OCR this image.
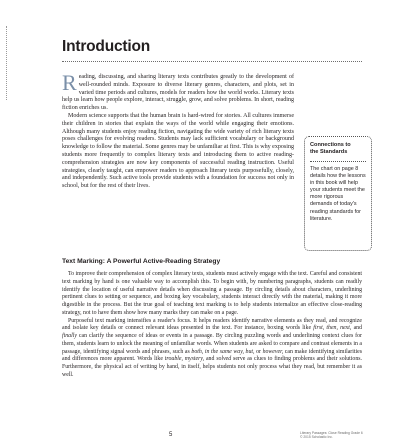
Introduction

Reading, discussing, and sharing literary texts contributes greatly to the development of well-rounded minds. Exposure to diverse literary genres, characters, and plots, set in varied time periods and cultures, models for readers how the world works. Literary texts help us learn how people explore, interact, struggle, grow, and solve problems. In short, reading fiction enriches us.

Modern science supports that the human brain is hard-wired for stories. All cultures immerse their children in stories that explain the ways of the world while engaging their emotions. Although many students enjoy reading fiction, navigating the wide variety of rich literary texts poses challenges for evolving readers. Students may lack sufficient vocabulary or background knowledge to follow the material. Some genres may be unfamiliar at first. This is why exposing students more frequently to complex literary texts and introducing them to active reading-comprehension strategies are now key components of successful reading instruction. Useful strategies, clearly taught, can empower readers to approach literary texts purposefully, closely, and independently. Such active tools provide students with a foundation for success not only in school, but for the rest of their lives.

Connections to
the Standards
The chart on page 8 details how the lessons in this book will help your students meet the more rigorous demands of today's reading standards for literature.
Text Marking: A Powerful Active-Reading Strategy

To improve their comprehension of complex literary texts, students must actively engage with the text. Careful and consistent text marking by hand is one valuable way to accomplish this. To begin with, by numbering paragraphs, students can readily identify the location of useful narrative details when discussing a passage. By circling details about characters, underlining pertinent clues to setting or sequence, and boxing key vocabulary, students interact directly with the material, making it more digestible in the process. But the true goal of teaching text marking is to help students internalize an effective close-reading strategy, not to have them show how many marks they can make on a page.

Purposeful text marking intensifies a reader's focus. It helps readers identify narrative elements as they read, and recognize and isolate key details or connect relevant ideas presented in the text. For instance, boxing words like first, then, next, and finally can clarify the sequence of ideas or events in a passage. By circling puzzling words and underlining context clues for them, students learn to unlock the meaning of unfamiliar words. When students are asked to compare and contrast elements in a passage, identifying signal words and phrases, such as both, in the same way, but, or however, can make identifying similarities and differences more apparent. Words like trouble, mystery, and solved serve as clues to finding problems and their solutions. Furthermore, the physical act of writing by hand, in itself, helps students not only process what they read, but remember it as well.

5	Literary Passages: Close Reading Grade 6
© 2015 Scholastic Inc.
